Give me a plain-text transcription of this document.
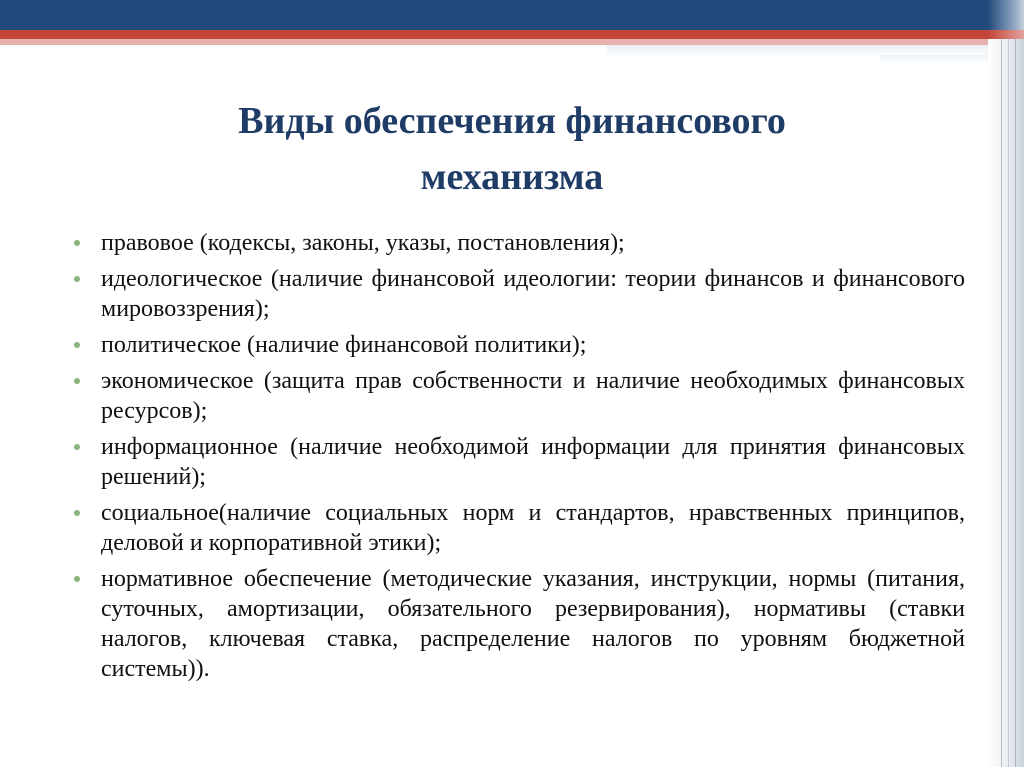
Виды обеспечения финансового
механизма
правовое (кодексы, законы, указы, постановления);
идеологическое (наличие финансовой идеологии: теории финансов и финансового мировоззрения);
политическое (наличие финансовой политики);
экономическое (защита прав собственности и наличие необходимых финансовых ресурсов);
информационное (наличие необходимой информации для принятия финансовых решений);
социальное(наличие социальных норм и стандартов, нравственных принципов, деловой и корпоративной этики);
нормативное обеспечение (методические указания, инструкции, нормы (питания, суточных, амортизации, обязательного резервирования), нормативы (ставки налогов, ключевая ставка, распределение налогов по уровням бюджетной системы)).
